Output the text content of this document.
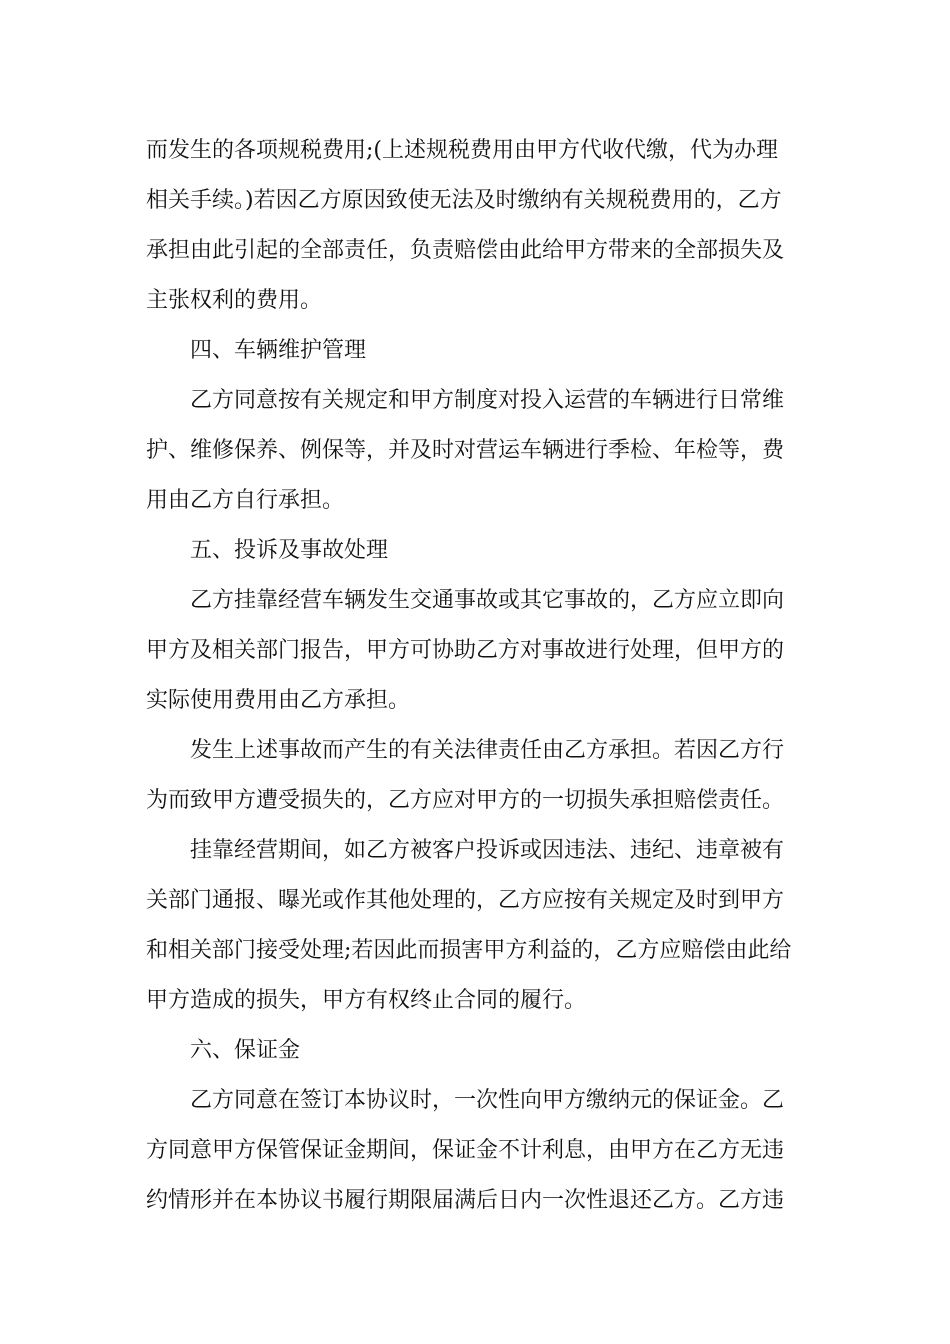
而发生的各项规税费用;(上述规税费用由甲方代收代缴，代为办理

相关手续。)若因乙方原因致使无法及时缴纳有关规税费用的，乙方

承担由此引起的全部责任，负责赔偿由此给甲方带来的全部损失及

主张权利的费用。

四、车辆维护管理

乙方同意按有关规定和甲方制度对投入运营的车辆进行日常维

护、维修保养、例保等，并及时对营运车辆进行季检、年检等，费

用由乙方自行承担。

五、投诉及事故处理

乙方挂靠经营车辆发生交通事故或其它事故的，乙方应立即向

甲方及相关部门报告，甲方可协助乙方对事故进行处理，但甲方的

实际使用费用由乙方承担。

发生上述事故而产生的有关法律责任由乙方承担。若因乙方行

为而致甲方遭受损失的，乙方应对甲方的一切损失承担赔偿责任。

挂靠经营期间，如乙方被客户投诉或因违法、违纪、违章被有

关部门通报、曝光或作其他处理的，乙方应按有关规定及时到甲方

和相关部门接受处理;若因此而损害甲方利益的，乙方应赔偿由此给

甲方造成的损失，甲方有权终止合同的履行。

六、保证金

乙方同意在签订本协议时，一次性向甲方缴纳元的保证金。乙

方同意甲方保管保证金期间，保证金不计利息，由甲方在乙方无违

约情形并在本协议书履行期限届满后日内一次性退还乙方。乙方违
